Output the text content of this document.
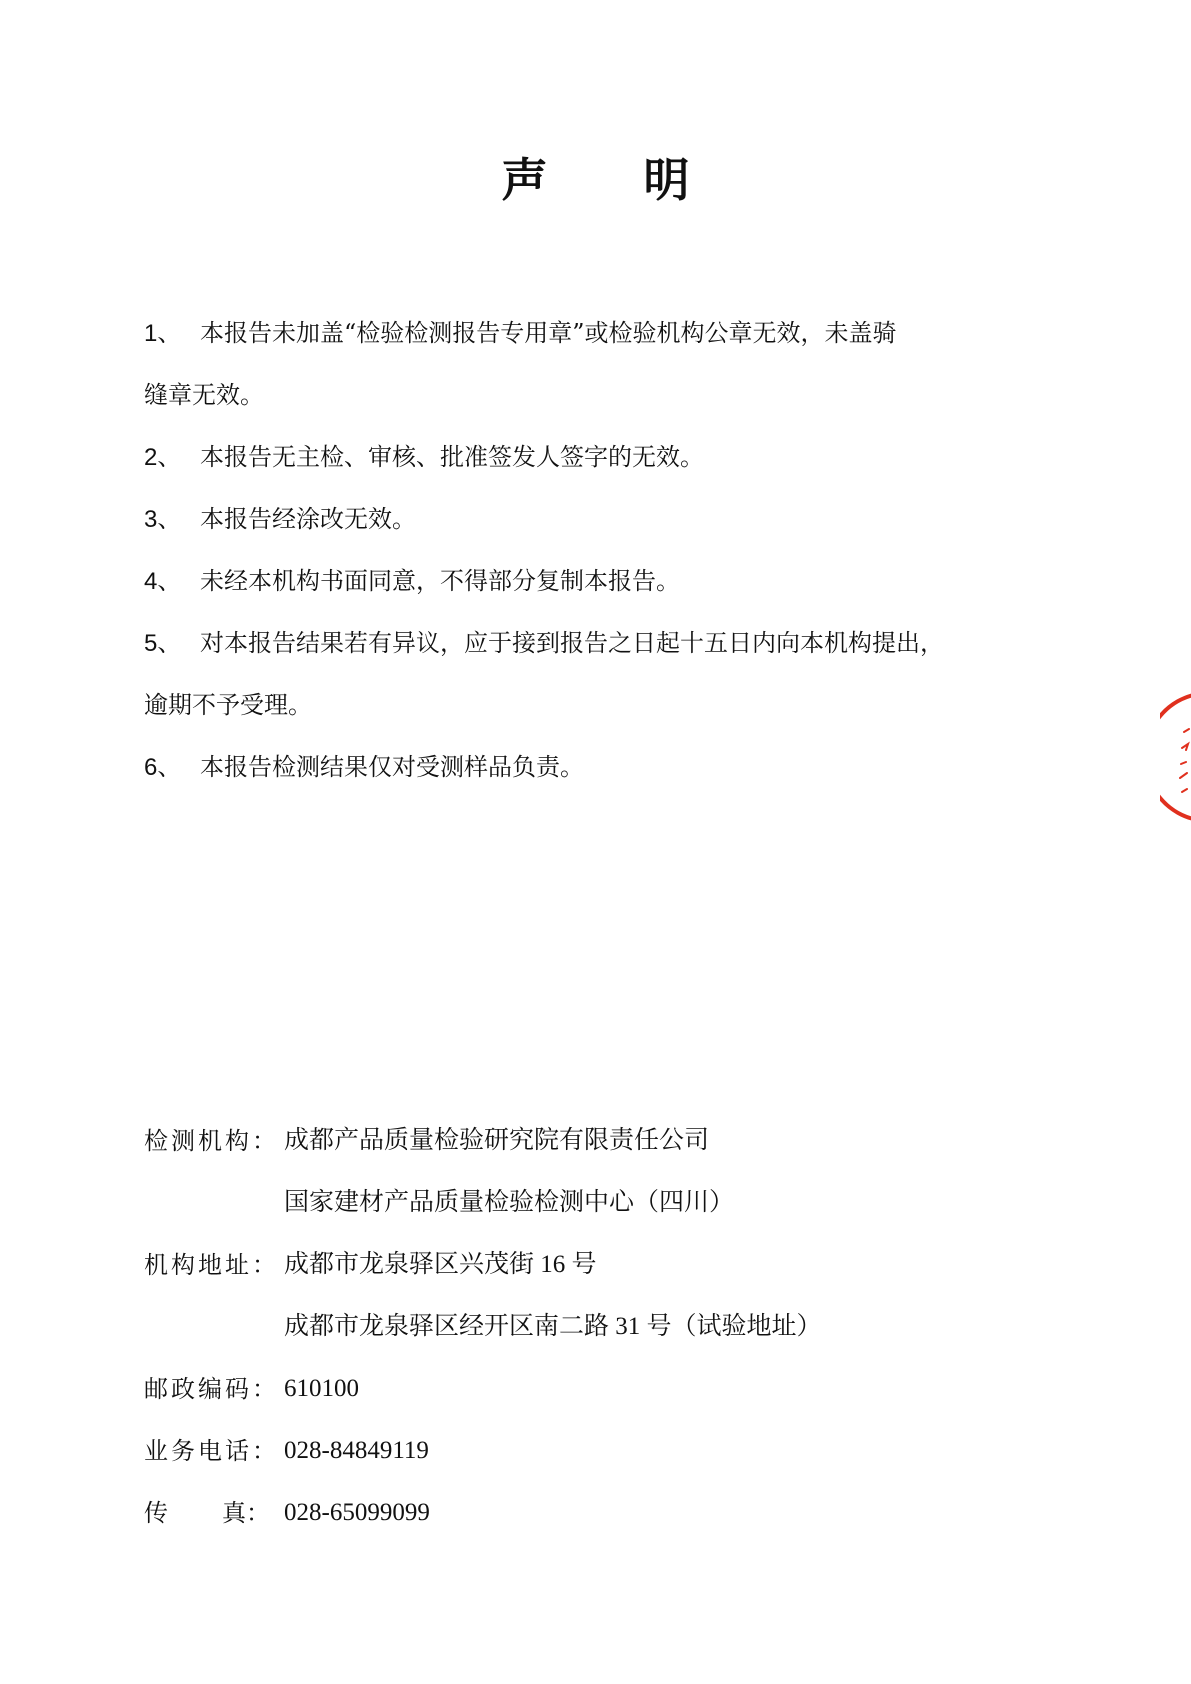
声 明
1、 本报告未加盖“检验检测报告专用章”或检验机构公章无效，未盖骑
缝章无效。
2、 本报告无主检、审核、批准签发人签字的无效。
3、 本报告经涂改无效。
4、 未经本机构书面同意，不得部分复制本报告。
5、 对本报告结果若有异议，应于接到报告之日起十五日内向本机构提出，
逾期不予受理。
6、 本报告检测结果仅对受测样品负责。
检测机构： 成都产品质量检验研究院有限责任公司
国家建材产品质量检验检测中心（四川）
机构地址： 成都市龙泉驿区兴茂街 16 号
成都市龙泉驿区经开区南二路 31 号（试验地址）
邮政编码： 610100
业务电话： 028-84849119
传 真： 028-65099099
